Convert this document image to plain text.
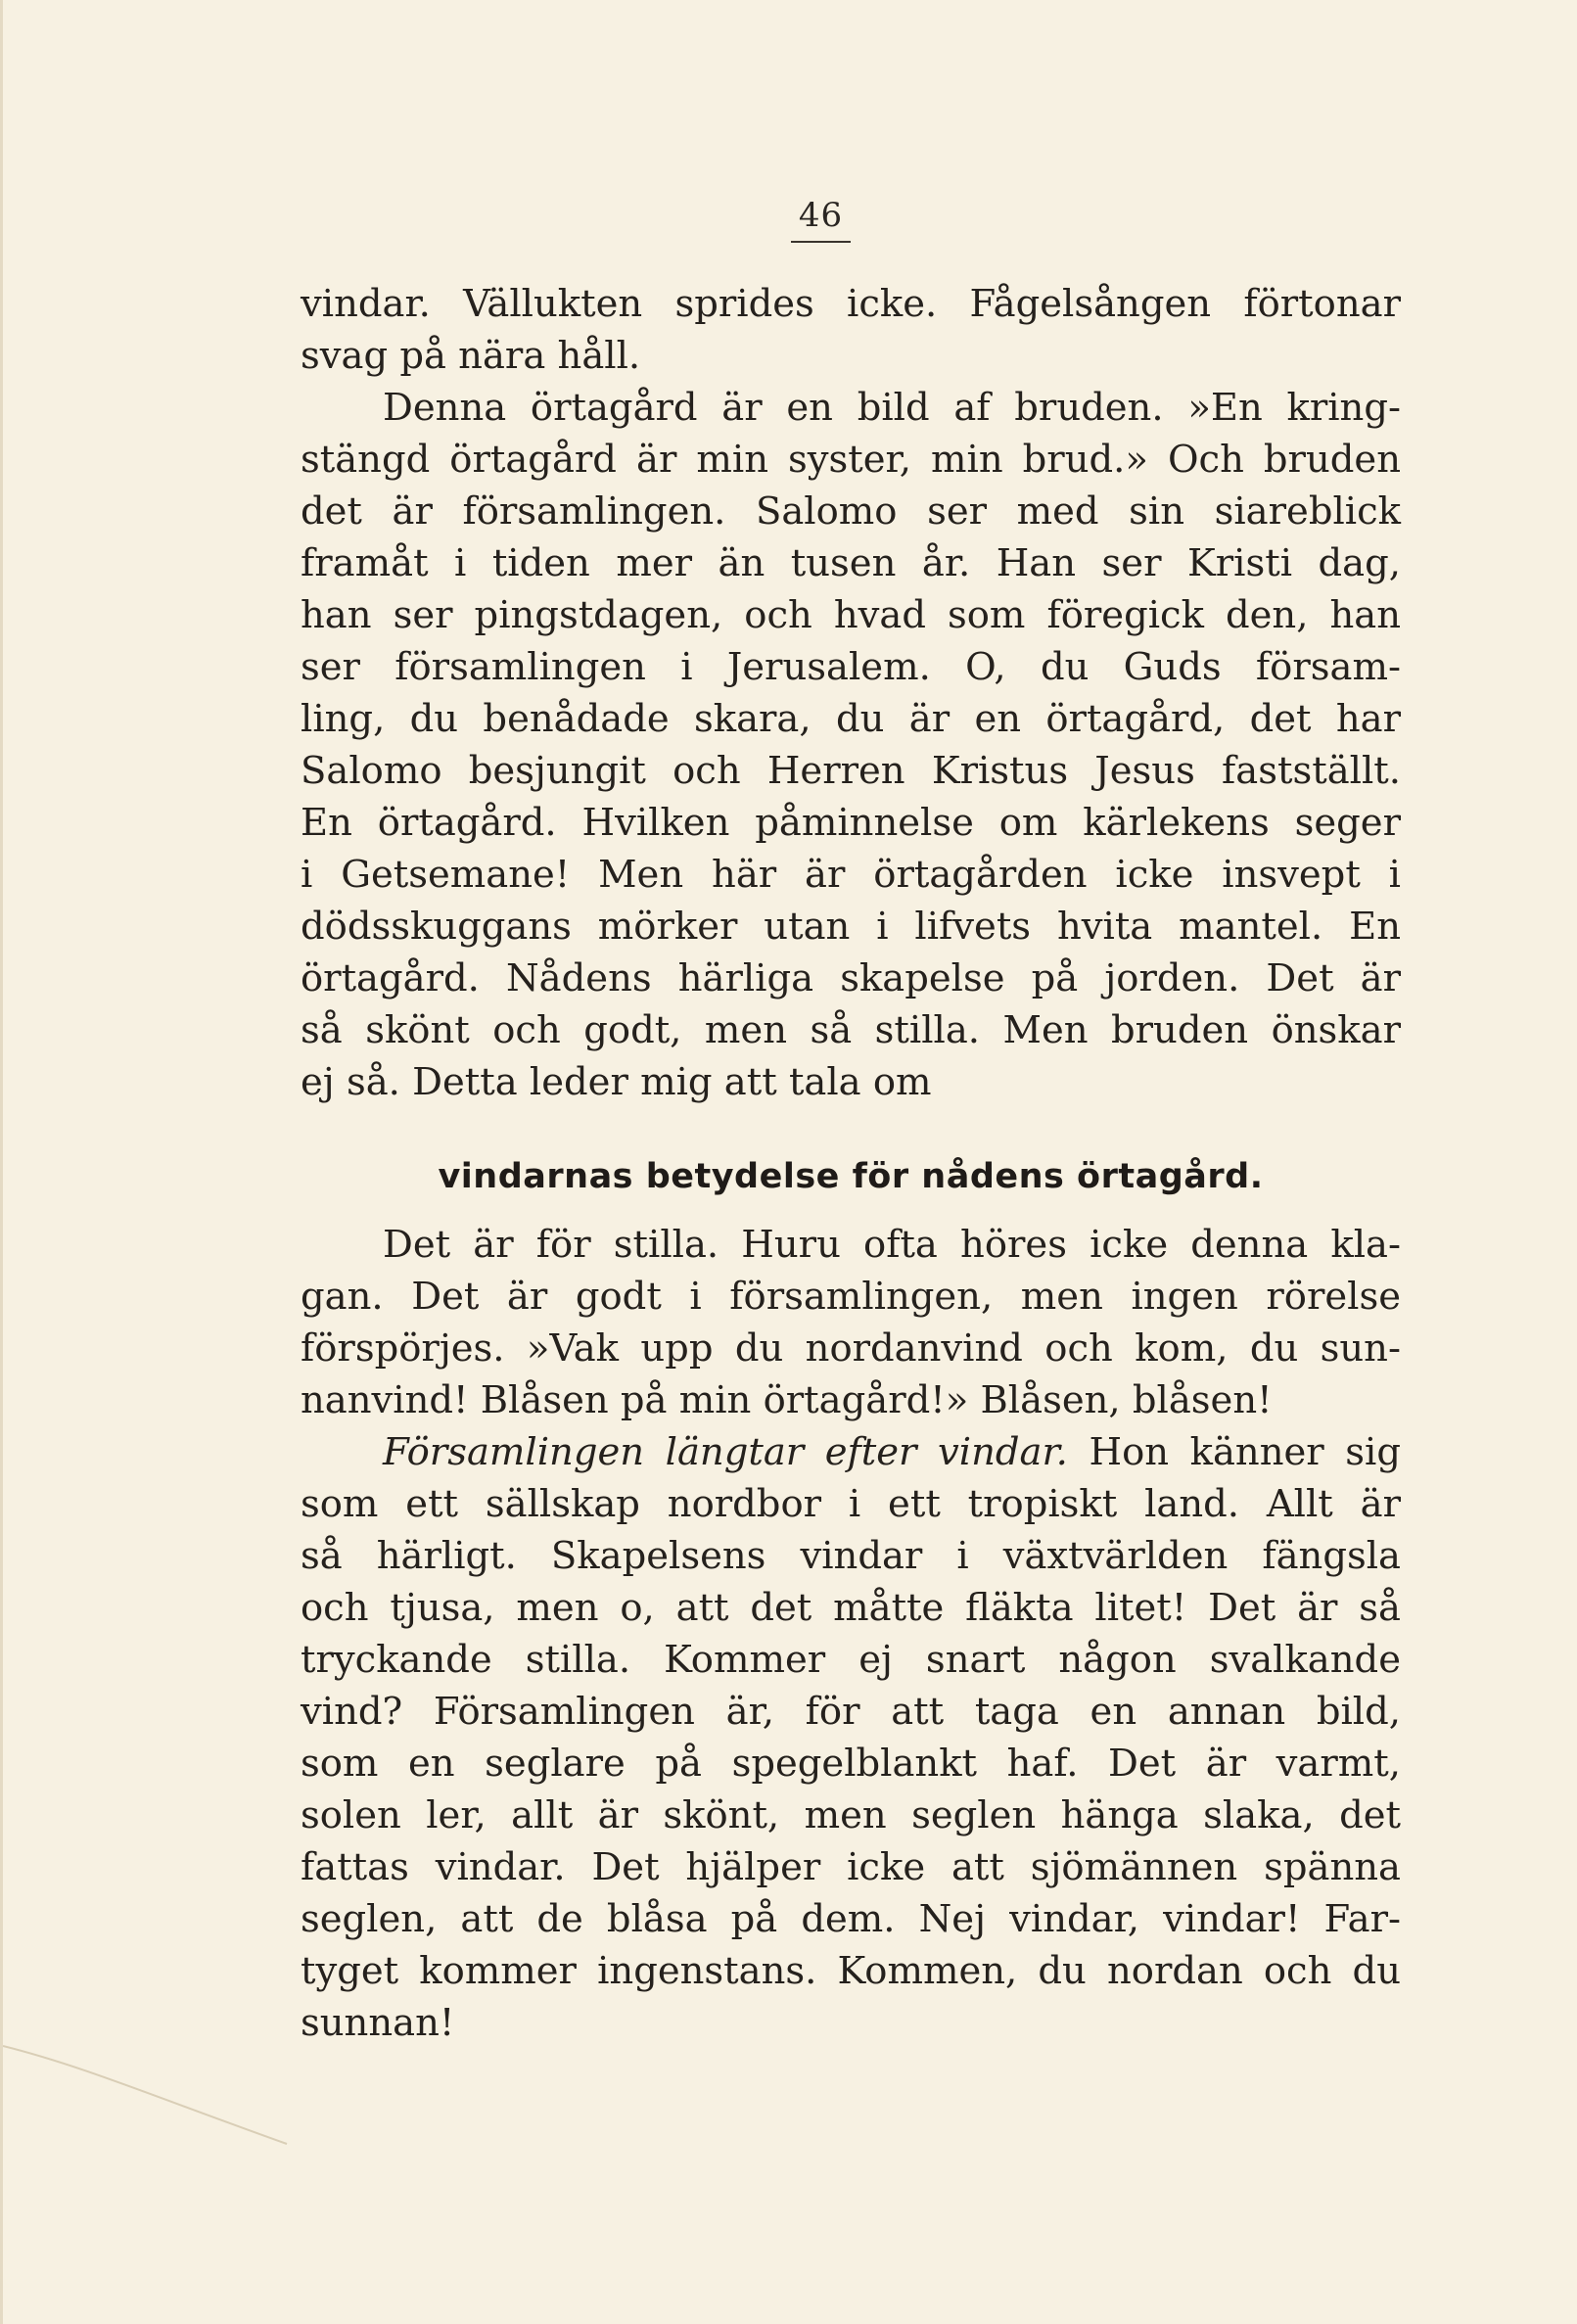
46

vindar. Vällukten sprides icke. Fågelsången förtonar

svag på nära håll.

Denna örtagård är en bild af bruden. »En kring-

stängd örtagård är min syster, min brud.» Och bruden

det är församlingen. Salomo ser med sin siareblick

framåt i tiden mer än tusen år. Han ser Kristi dag,

han ser pingstdagen, och hvad som föregick den, han

ser församlingen i Jerusalem. O, du Guds försam-

ling, du benådade skara, du är en örtagård, det har

Salomo besjungit och Herren Kristus Jesus fastställt.

En örtagård. Hvilken påminnelse om kärlekens seger

i Getsemane! Men här är örtagården icke insvept i

dödsskuggans mörker utan i lifvets hvita mantel. En

örtagård. Nådens härliga skapelse på jorden. Det är

så skönt och godt, men så stilla. Men bruden önskar

ej så. Detta leder mig att tala om

vindarnas betydelse för nådens örtagård.

Det är för stilla. Huru ofta höres icke denna kla-

gan. Det är godt i församlingen, men ingen rörelse

förspörjes. »Vak upp du nordanvind och kom, du sun-

nanvind! Blåsen på min örtagård!» Blåsen, blåsen!

Församlingen längtar efter vindar. Hon känner sig

som ett sällskap nordbor i ett tropiskt land. Allt är

så härligt. Skapelsens vindar i växtvärlden fängsla

och tjusa, men o, att det måtte fläkta litet! Det är så

tryckande stilla. Kommer ej snart någon svalkande

vind? Församlingen är, för att taga en annan bild,

som en seglare på spegelblankt haf. Det är varmt,

solen ler, allt är skönt, men seglen hänga slaka, det

fattas vindar. Det hjälper icke att sjömännen spänna

seglen, att de blåsa på dem. Nej vindar, vindar! Far-

tyget kommer ingenstans. Kommen, du nordan och du

sunnan!
